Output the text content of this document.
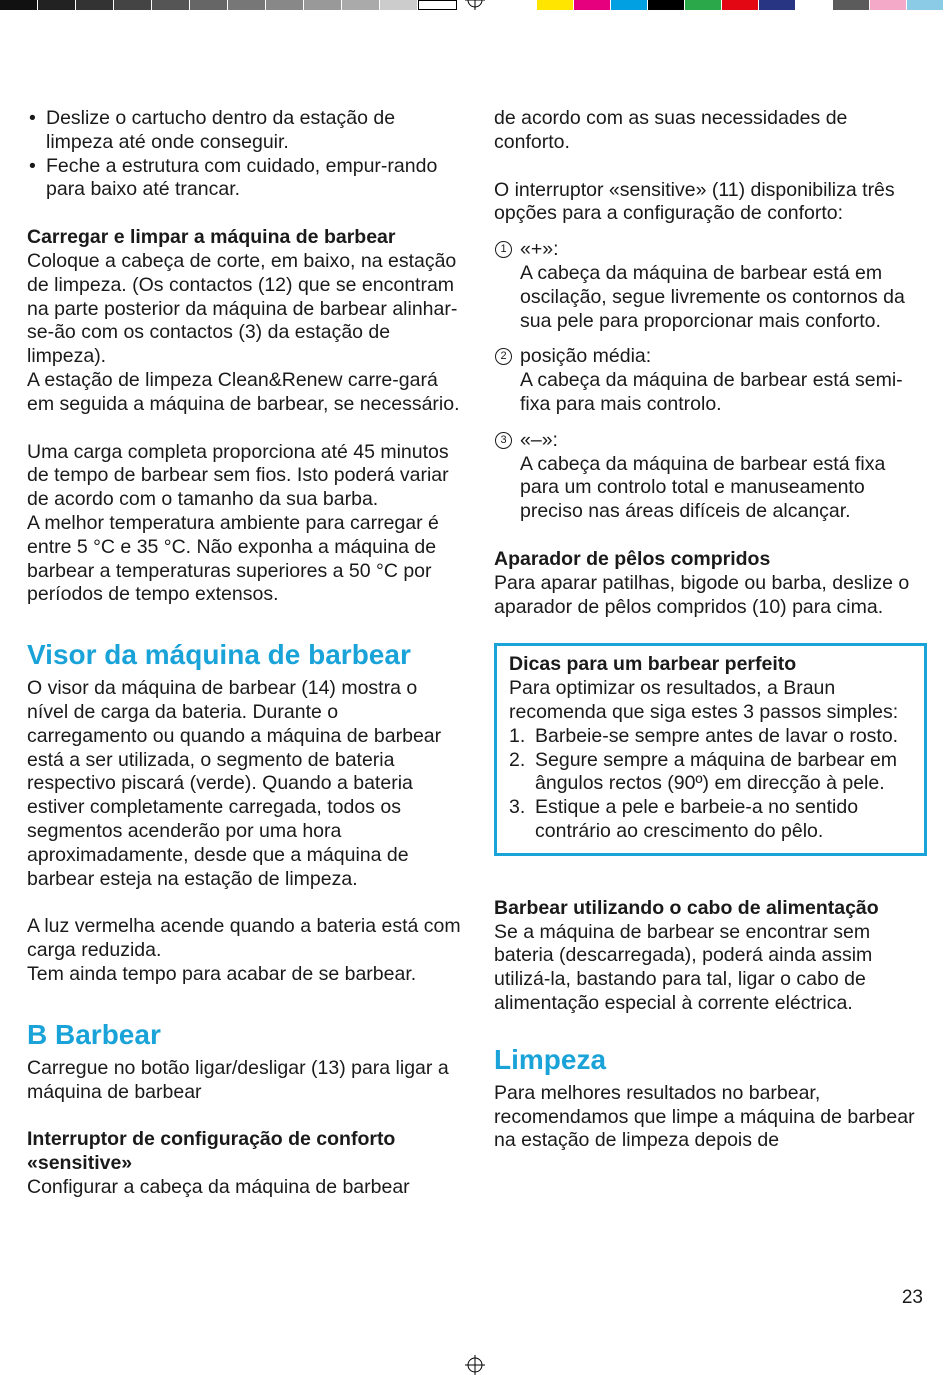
• Deslize o cartucho dentro da estação de limpeza até onde conseguir.
• Feche a estrutura com cuidado, empur-rando para baixo até trancar.

Carregar e limpar a máquina de barbear

Coloque a cabeça de corte, em baixo, na estação de limpeza. (Os contactos (12) que se encontram na parte posterior da máquina de barbear alinhar-se-ão com os contactos (3) da estação de limpeza).

A estação de limpeza Clean&Renew carre-gará em seguida a máquina de barbear, se necessário.

Uma carga completa proporciona até 45 minutos de tempo de barbear sem fios. Isto poderá variar de acordo com o tamanho da sua barba.

A melhor temperatura ambiente para carregar é entre 5 °C e 35 °C. Não exponha a máquina de barbear a temperaturas superiores a 50 °C por períodos de tempo extensos.

Visor da máquina de barbear

O visor da máquina de barbear (14) mostra o nível de carga da bateria. Durante o carregamento ou quando a máquina de barbear está a ser utilizada, o segmento de bateria respectivo piscará (verde). Quando a bateria estiver completamente carregada, todos os segmentos acenderão por uma hora aproximadamente, desde que a máquina de barbear esteja na estação de limpeza.

A luz vermelha acende quando a bateria está com carga reduzida.

Tem ainda tempo para acabar de se barbear.

B Barbear

Carregue no botão ligar/desligar (13) para ligar a máquina de barbear

Interruptor de configuração de conforto «sensitive»

Configurar a cabeça da máquina de barbear

de acordo com as suas necessidades de conforto.

O interruptor «sensitive» (11) disponibiliza três opções para a configuração de conforto:

1 «+»:
A cabeça da máquina de barbear está em oscilação, segue livremente os contornos da sua pele para proporcionar mais conforto.
2 posição média:
A cabeça da máquina de barbear está semi-fixa para mais controlo.
3 «–»:
A cabeça da máquina de barbear está fixa para um controlo total e manuseamento preciso nas áreas difíceis de alcançar.

Aparador de pêlos compridos

Para aparar patilhas, bigode ou barba, deslize o aparador de pêlos compridos (10) para cima.

Dicas para um barbear perfeito

Para optimizar os resultados, a Braun recomenda que siga estes 3 passos simples:

1. Barbeie-se sempre antes de lavar o rosto.
2. Segure sempre a máquina de barbear em ângulos rectos (90º) em direcção à pele.
3. Estique a pele e barbeie-a no sentido contrário ao crescimento do pêlo.

Barbear utilizando o cabo de alimentação

Se a máquina de barbear se encontrar sem bateria (descarregada), poderá ainda assim utilizá-la, bastando para tal, ligar o cabo de alimentação especial à corrente eléctrica.

Limpeza

Para melhores resultados no barbear, recomendamos que limpe a máquina de barbear na estação de limpeza depois de

23
